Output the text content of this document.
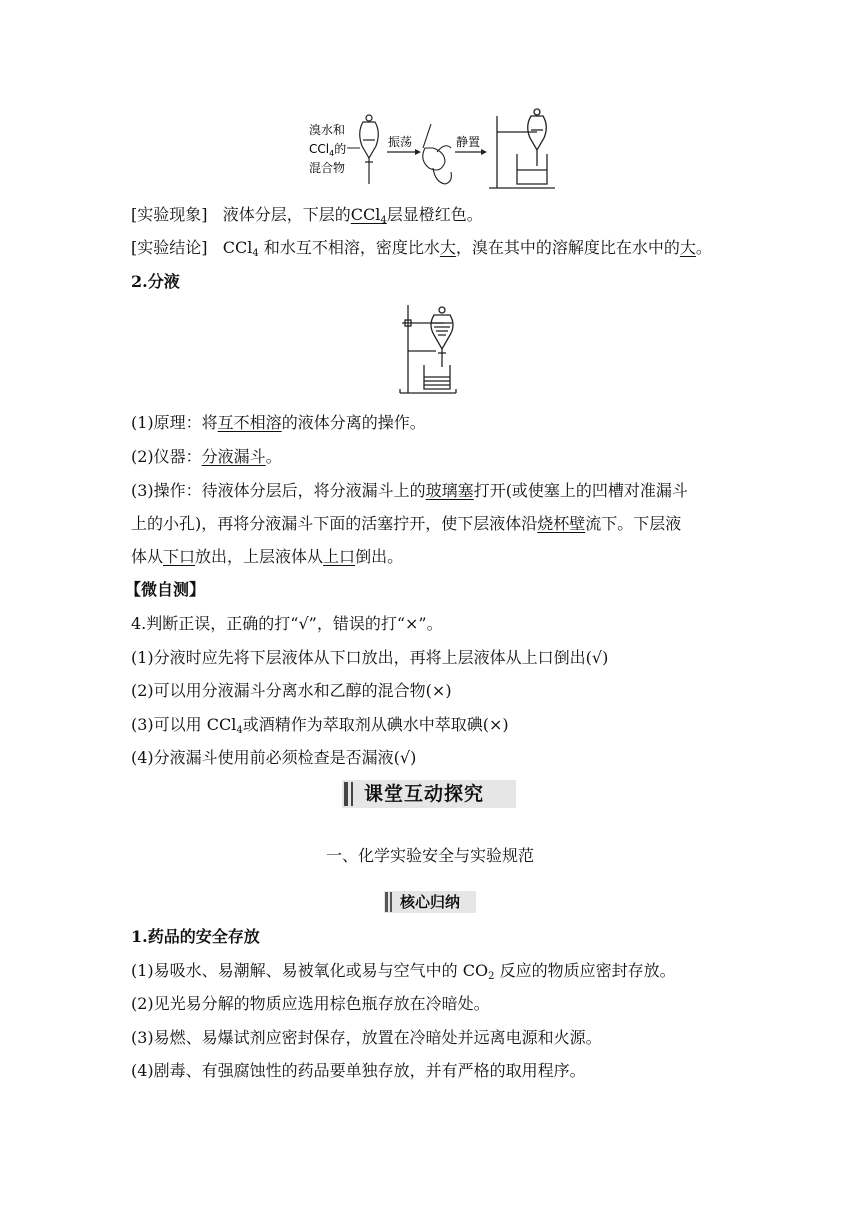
溴水和
CCl$_4$的
混合物
振荡	静置
[实验现象] 液体分层，下层的CCl$_4$层显橙红色。
[实验结论] CCl$_4$ 和水互不相溶，密度比水大，溴在其中的溶解度比在水中的大。
2.分液
(1)原理：将互不相溶的液体分离的操作。
(2)仪器：分液漏斗。
(3)操作：待液体分层后，将分液漏斗上的玻璃塞打开(或使塞上的凹槽对准漏斗
上的小孔)，再将分液漏斗下面的活塞拧开，使下层液体沿烧杯壁流下。下层液
体从下口放出，上层液体从上口倒出。
【微自测】
4.判断正误，正确的打“√”，错误的打“×”。
(1)分液时应先将下层液体从下口放出，再将上层液体从上口倒出(√)
(2)可以用分液漏斗分离水和乙醇的混合物(×)
(3)可以用 CCl$_4$或酒精作为萃取剂从碘水中萃取碘(×)
(4)分液漏斗使用前必须检查是否漏液(√)
课堂互动探究
一、化学实验安全与实验规范
核心归纳
1.药品的安全存放
(1)易吸水、易潮解、易被氧化或易与空气中的 $CO_2$ 反应的物质应密封存放。
(2)见光易分解的物质应选用棕色瓶存放在冷暗处。
(3)易燃、易爆试剂应密封保存，放置在冷暗处并远离电源和火源。
(4)剧毒、有强腐蚀性的药品要单独存放，并有严格的取用程序。
